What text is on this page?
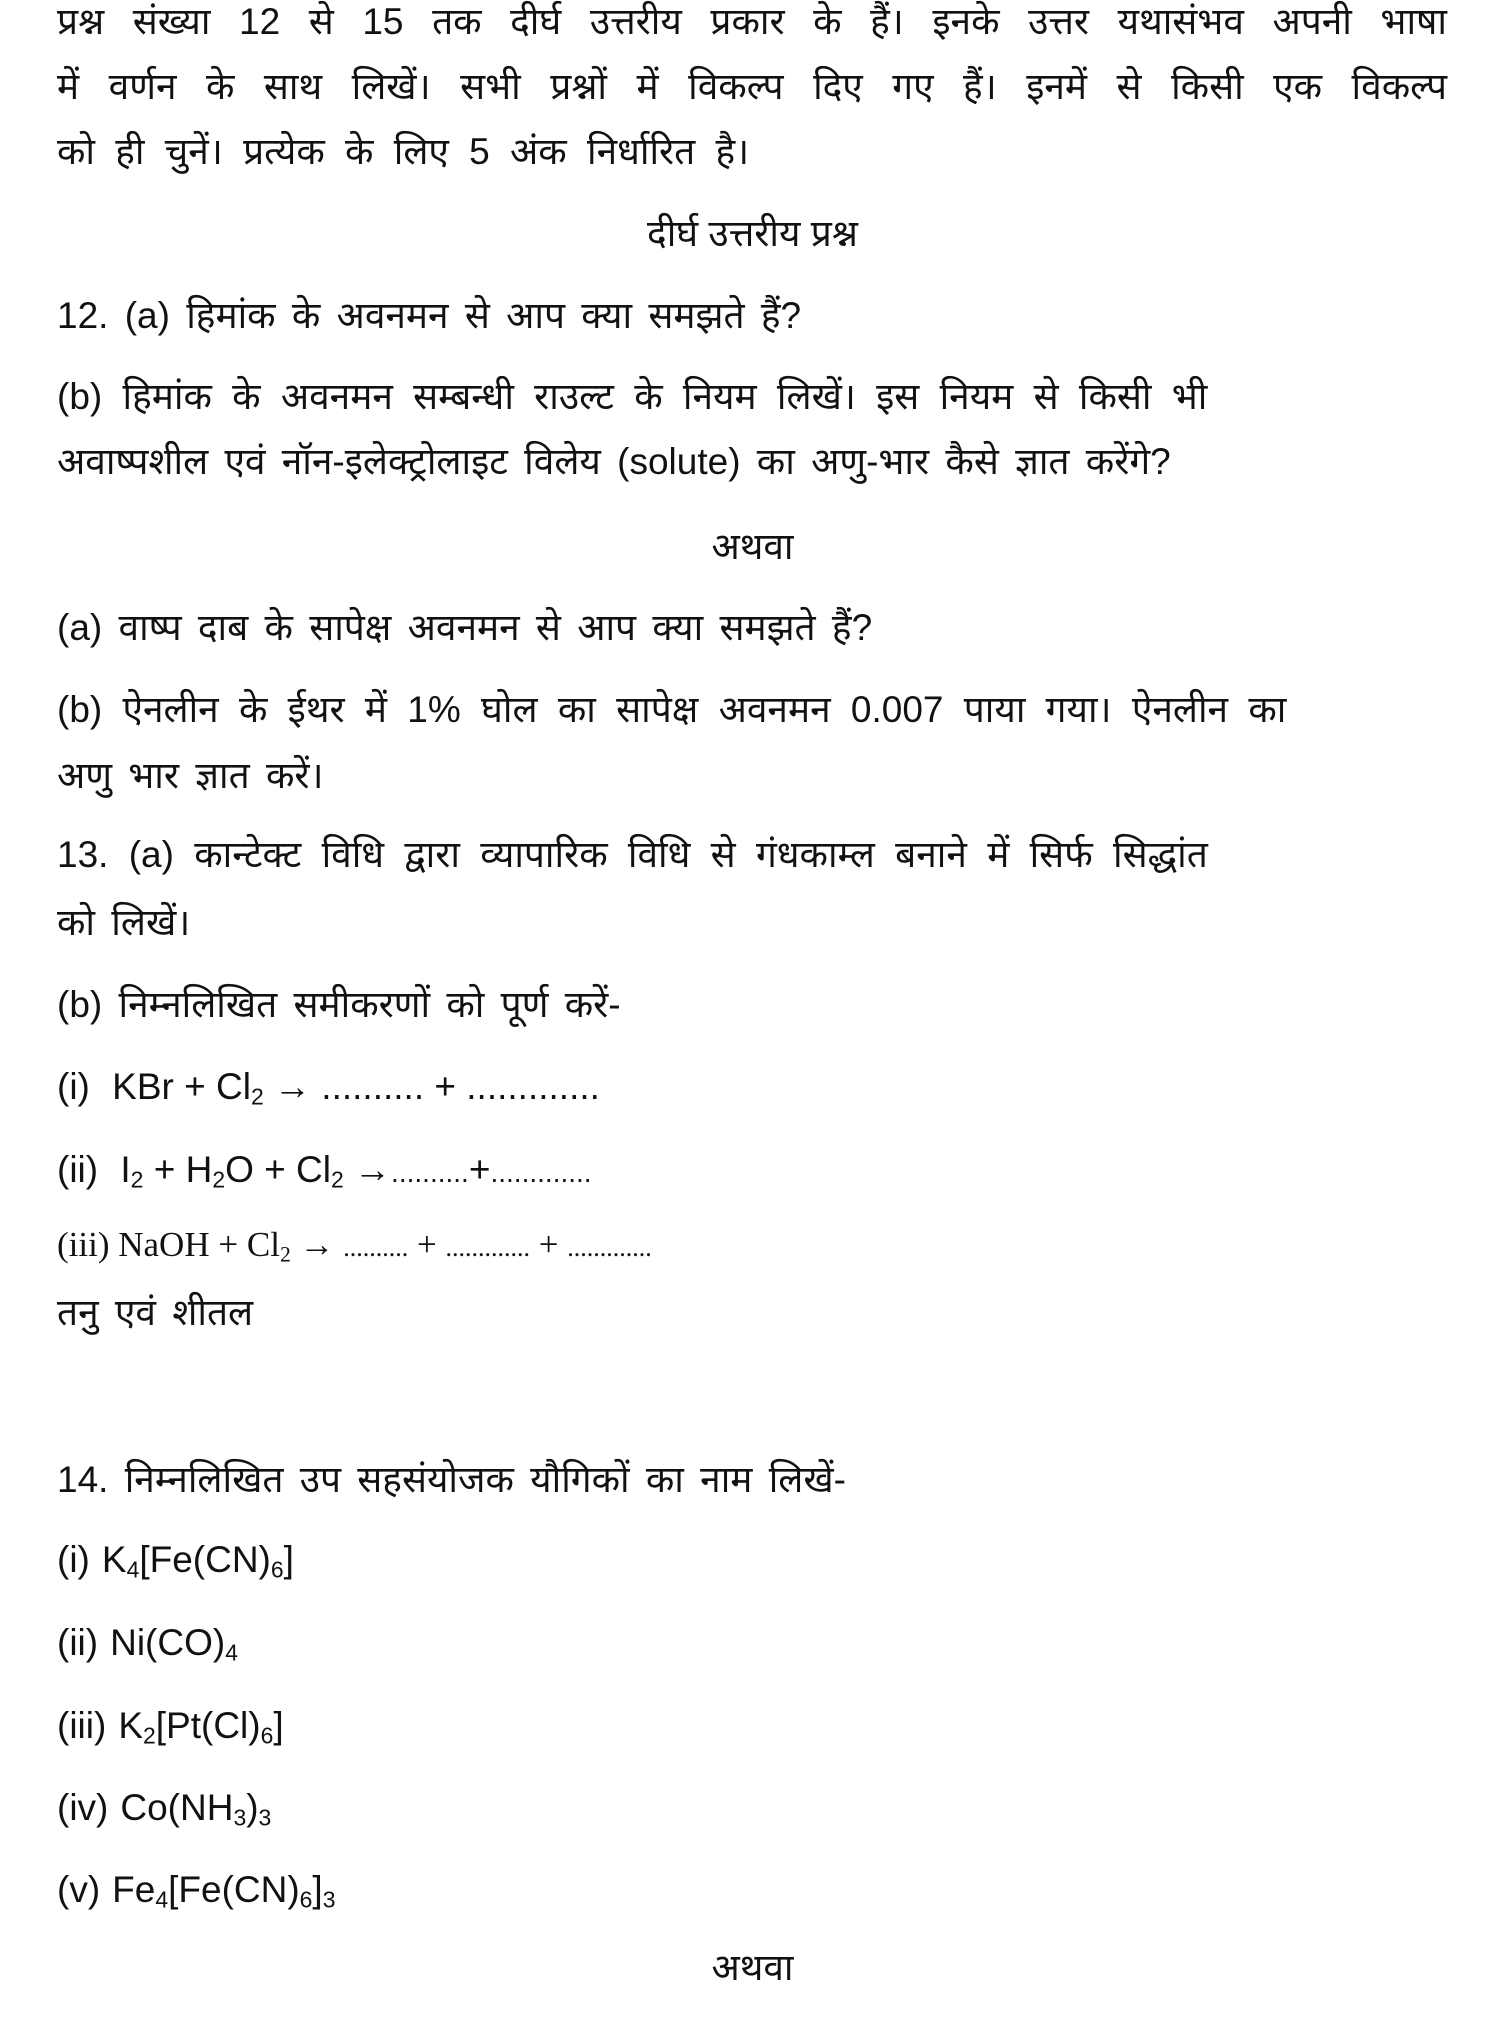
प्रश्न संख्या 12 से 15 तक दीर्घ उत्तरीय प्रकार के हैं। इनके उत्तर यथासंभव अपनी भाषा
में वर्णन के साथ लिखें। सभी प्रश्नों में विकल्प दिए गए हैं। इनमें से किसी एक विकल्प
को ही चुनें। प्रत्येक के लिए 5 अंक निर्धारित है।
दीर्घ उत्तरीय प्रश्न
12. (a) हिमांक के अवनमन से आप क्या समझते हैं?
(b) हिमांक के अवनमन सम्बन्धी राउल्ट के नियम लिखें। इस नियम से किसी भी
अवाष्पशील एवं नॉन-इलेक्ट्रोलाइट विलेय (solute) का अणु-भार कैसे ज्ञात करेंगे?
अथवा
(a) वाष्प दाब के सापेक्ष अवनमन से आप क्या समझते हैं?
(b) ऐनलीन के ईथर में 1% घोल का सापेक्ष अवनमन 0.007 पाया गया। ऐनलीन का
अणु भार ज्ञात करें।
13. (a) कान्टेक्ट विधि द्वारा व्यापारिक विधि से गंधकाम्ल बनाने में सिर्फ सिद्धांत
को लिखें।
(b) निम्नलिखित समीकरणों को पूर्ण करें-
(i) KBr + $Cl_2$ → .......... + .............
(ii) $I_2 + H_2O + Cl_2$ →..........+.............
(iii) NaOH + $Cl_2$ → .......... + ............. + .............
तनु एवं शीतल
14. निम्नलिखित उप सहसंयोजक यौगिकों का नाम लिखें-
(i) $K_4[Fe(CN)_6]$
(ii) $Ni(CO)_4$
(iii) $K_2[Pt(Cl)_6]$
(iv) $Co(NH_3)_3$
(v) $Fe_4[Fe(CN)_6]_3$
अथवा
